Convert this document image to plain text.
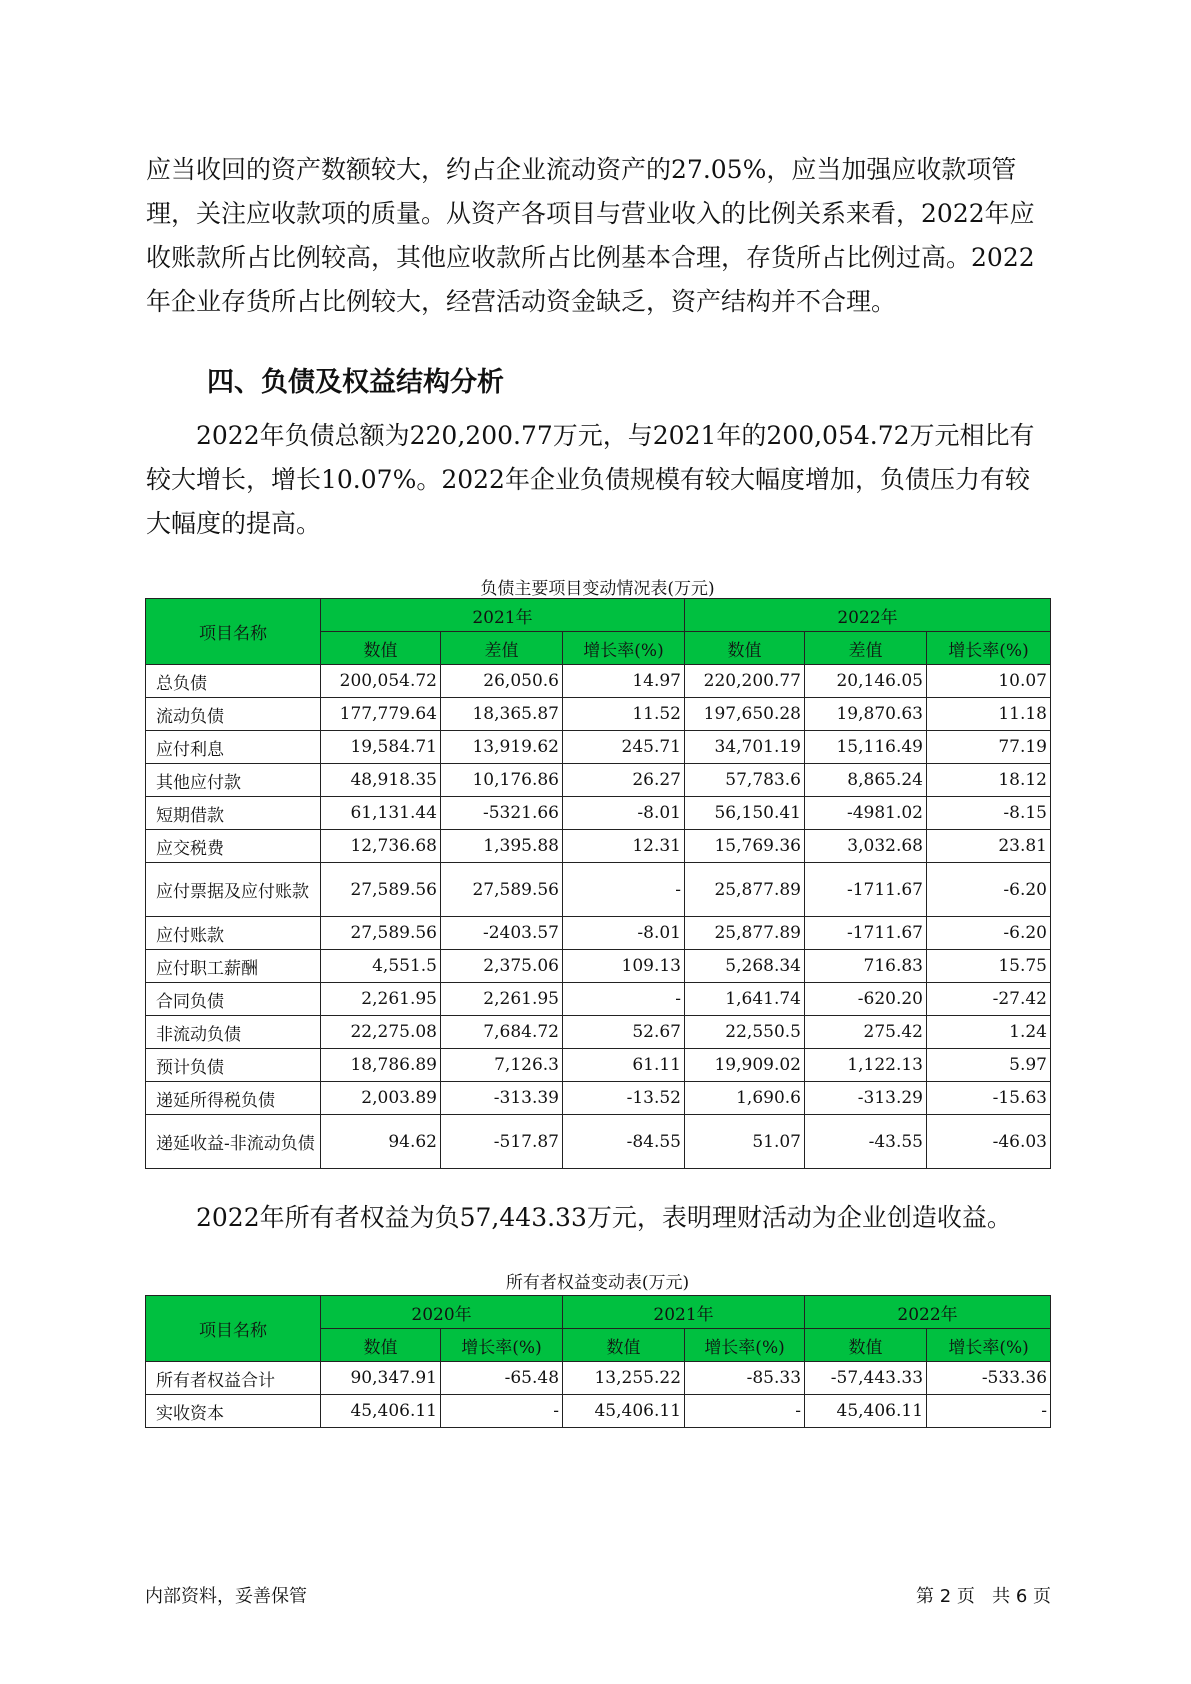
应当收回的资产数额较大，约占企业流动资产的27.05%，应当加强应收款项管理，关注应收款项的质量。从资产各项目与营业收入的比例关系来看，2022年应收账款所占比例较高，其他应收款所占比例基本合理，存货所占比例过高。2022年企业存货所占比例较大，经营活动资金缺乏，资产结构并不合理。

四、负债及权益结构分析

2022年负债总额为220,200.77万元，与2021年的200,054.72万元相比有较大增长，增长10.07%。2022年企业负债规模有较大幅度增加，负债压力有较大幅度的提高。

负债主要项目变动情况表(万元)
项目名称	2021年			2022年		
	数值	差值	增长率(%)	数值	差值	增长率(%)
总负债	200,054.72	26,050.6	14.97	220,200.77	20,146.05	10.07
流动负债	177,779.64	18,365.87	11.52	197,650.28	19,870.63	11.18
应付利息	19,584.71	13,919.62	245.71	34,701.19	15,116.49	77.19
其他应付款	48,918.35	10,176.86	26.27	57,783.6	8,865.24	18.12
短期借款	61,131.44	-5321.66	-8.01	56,150.41	-4981.02	-8.15
应交税费	12,736.68	1,395.88	12.31	15,769.36	3,032.68	23.81
应付票据及应付账款	27,589.56	27,589.56	-	25,877.89	-1711.67	-6.20
应付账款	27,589.56	-2403.57	-8.01	25,877.89	-1711.67	-6.20
应付职工薪酬	4,551.5	2,375.06	109.13	5,268.34	716.83	15.75
合同负债	2,261.95	2,261.95	-	1,641.74	-620.20	-27.42
非流动负债	22,275.08	7,684.72	52.67	22,550.5	275.42	1.24
预计负债	18,786.89	7,126.3	61.11	19,909.02	1,122.13	5.97
递延所得税负债	2,003.89	-313.39	-13.52	1,690.6	-313.29	-15.63
递延收益-非流动负债	94.62	-517.87	-84.55	51.07	-43.55	-46.03

2022年所有者权益为负57,443.33万元，表明理财活动为企业创造收益。

所有者权益变动表(万元)
项目名称	2020年		2021年		2022年	
	数值	增长率(%)	数值	增长率(%)	数值	增长率(%)
所有者权益合计	90,347.91	-65.48	13,255.22	-85.33	-57,443.33	-533.36
实收资本	45,406.11	-	45,406.11	-	45,406.11	-
内部资料，妥善保管	第 2 页   共 6 页
